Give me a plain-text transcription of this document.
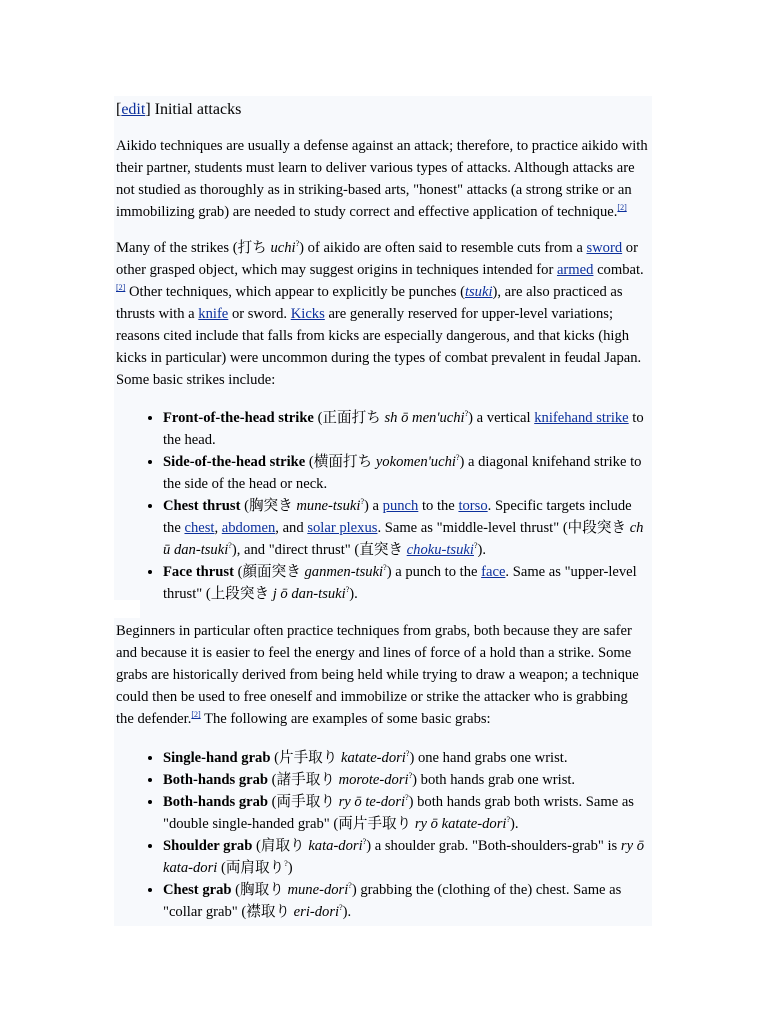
[edit] Initial attacks

Aikido techniques are usually a defense against an attack; therefore, to practice aikido with their partner, students must learn to deliver various types of attacks. Although attacks are not studied as thoroughly as in striking-based arts, "honest" attacks (a strong strike or an immobilizing grab) are needed to study correct and effective application of technique.[2]

Many of the strikes (打ち uchi?) of aikido are often said to resemble cuts from a sword or other grasped object, which may suggest origins in techniques intended for armed combat. [2] Other techniques, which appear to explicitly be punches (tsuki), are also practiced as thrusts with a knife or sword. Kicks are generally reserved for upper-level variations; reasons cited include that falls from kicks are especially dangerous, and that kicks (high kicks in particular) were uncommon during the types of combat prevalent in feudal Japan. Some basic strikes include:

• Front-of-the-head strike (正面打ち sh ō men'uchi?) a vertical knifehand strike to the head.
• Side-of-the-head strike (横面打ち yokomen'uchi?) a diagonal knifehand strike to the side of the head or neck.
• Chest thrust (胸突き mune-tsuki?) a punch to the torso. Specific targets include the chest, abdomen, and solar plexus. Same as "middle-level thrust" (中段突き ch ū dan-tsuki?), and "direct thrust" (直突き choku-tsuki?).
• Face thrust (顔面突き ganmen-tsuki?) a punch to the face. Same as "upper-level thrust" (上段突き j ō dan-tsuki?).

Beginners in particular often practice techniques from grabs, both because they are safer and because it is easier to feel the energy and lines of force of a hold than a strike. Some grabs are historically derived from being held while trying to draw a weapon; a technique could then be used to free oneself and immobilize or strike the attacker who is grabbing the defender.[2] The following are examples of some basic grabs:

• Single-hand grab (片手取り katate-dori?) one hand grabs one wrist.
• Both-hands grab (諸手取り morote-dori?) both hands grab one wrist.
• Both-hands grab (両手取り ry ō te-dori?) both hands grab both wrists. Same as "double single-handed grab" (両片手取り ry ō katate-dori?).
• Shoulder grab (肩取り kata-dori?) a shoulder grab. "Both-shoulders-grab" is ry ō kata-dori (両肩取り?)
• Chest grab (胸取り mune-dori?) grabbing the (clothing of the) chest. Same as "collar grab" (襟取り eri-dori?).
